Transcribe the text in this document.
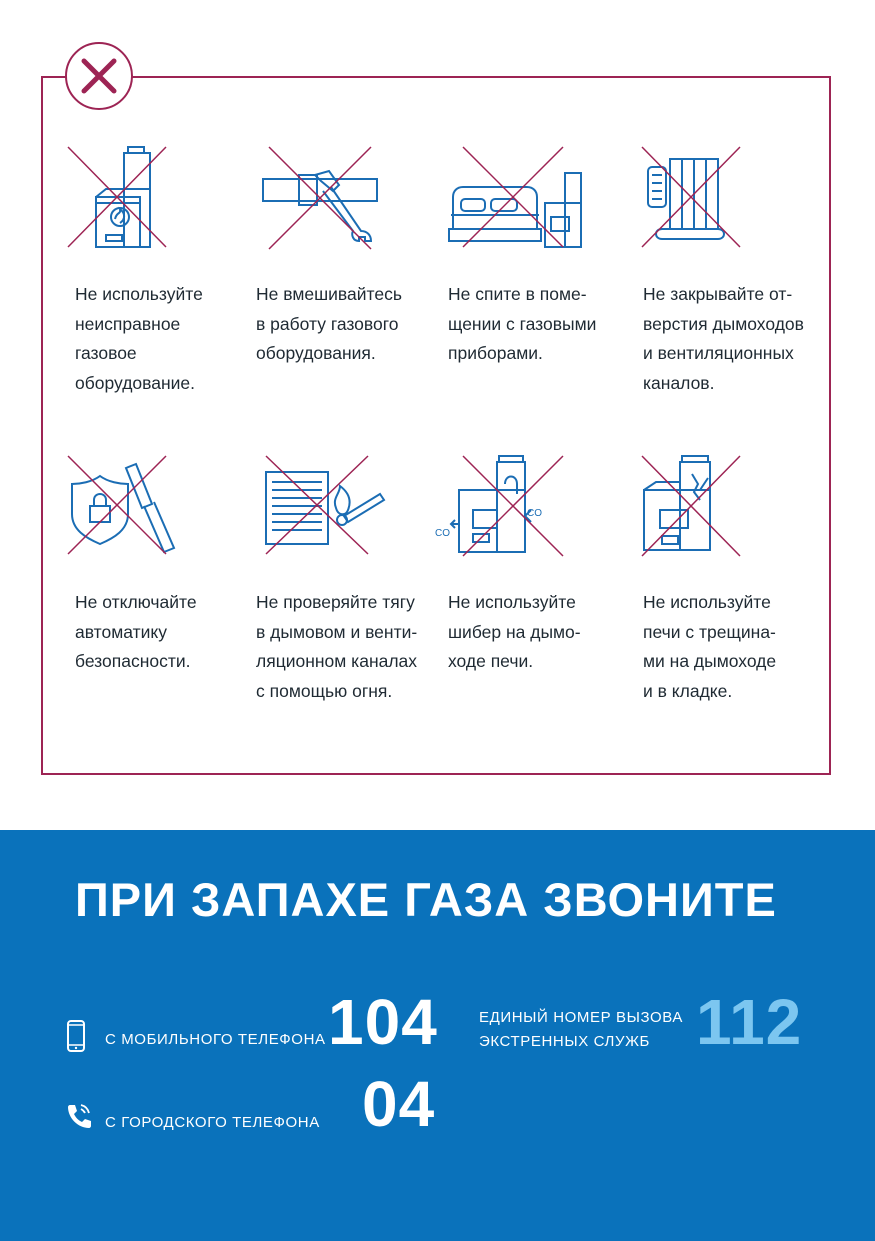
Не используйте
неисправное
газовое
оборудование.
Не вмешивайтесь
в работу газового
оборудования.
Не спите в поме-
щении с газовыми
приборами.
Не закрывайте от-
верстия дымоходов
и вентиляционных
каналов.
CO
CO
Не отключайте
автоматику
безопасности.
Не проверяйте тягу
в дымовом и венти-
ляционном каналах
с помощью огня.
Не используйте
шибер на дымо-
ходе печи.
Не используйте
печи с трещина-
ми на дымоходе
и в кладке.
ПРИ ЗАПАХЕ ГАЗА ЗВОНИТЕ
С МОБИЛЬНОГО ТЕЛЕФОНА 104
С ГОРОДСКОГО ТЕЛЕФОНА 04
ЕДИНЫЙ НОМЕР ВЫЗОВА
ЭКСТРЕННЫХ СЛУЖБ 112
